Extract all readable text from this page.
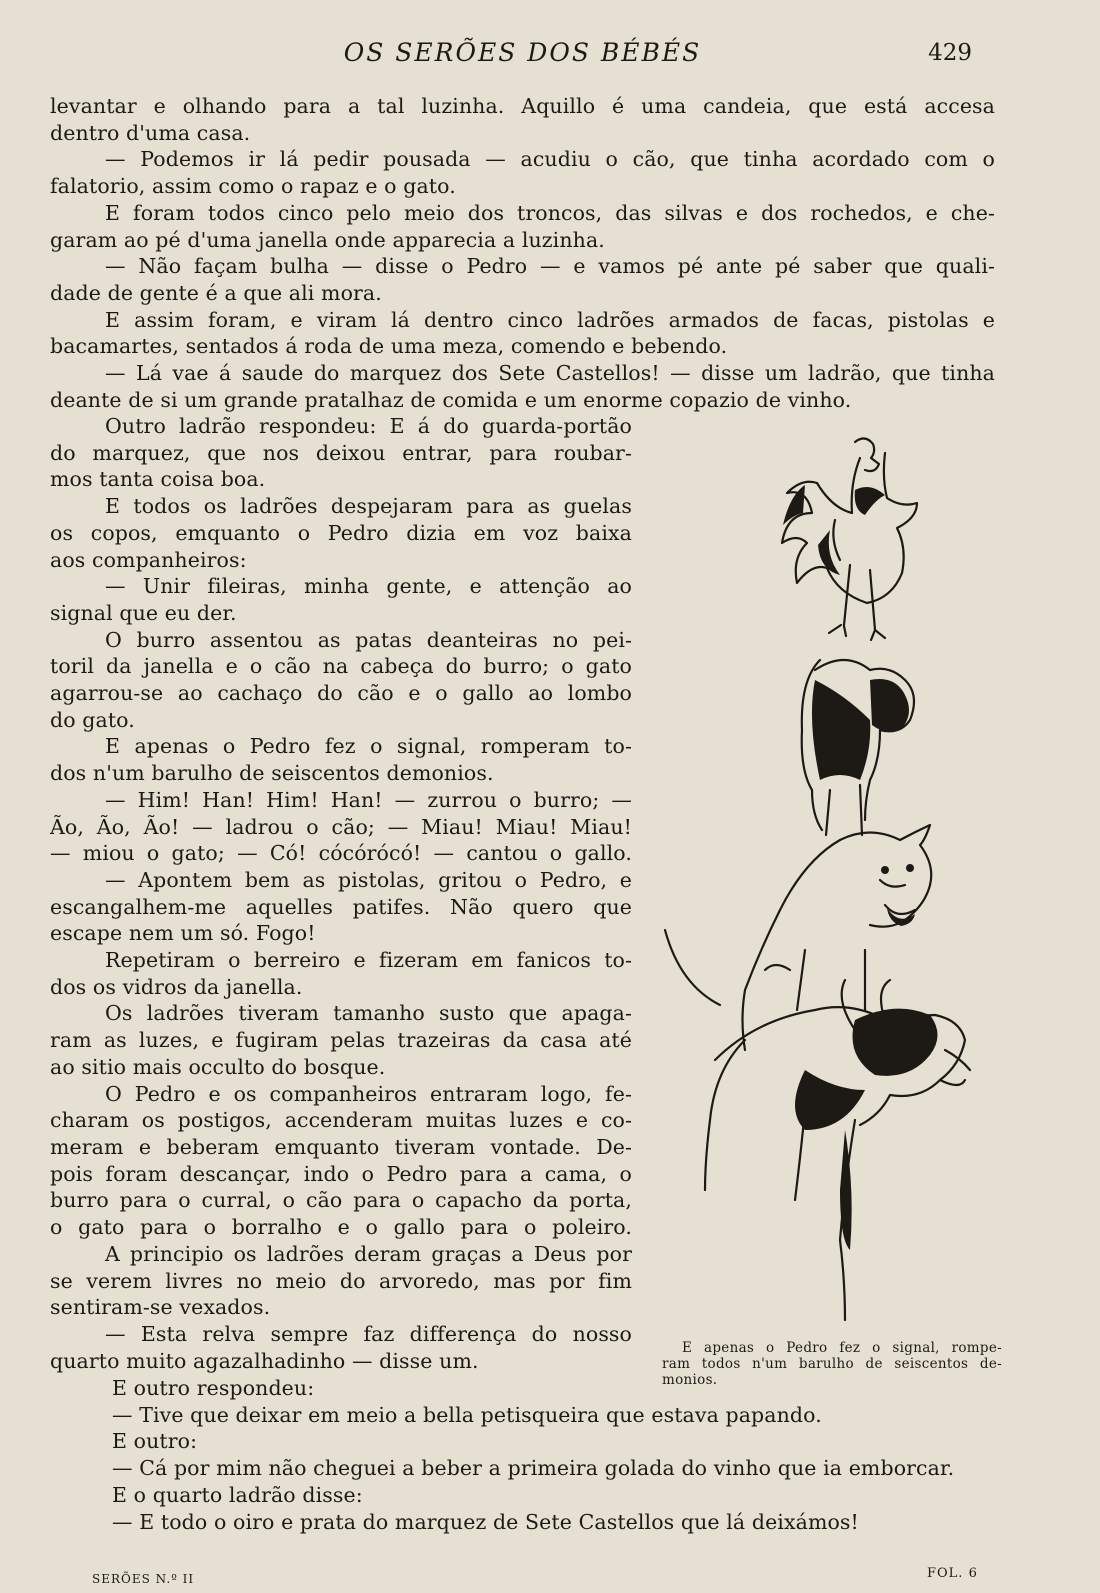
OS SERÕES DOS BÉBÉS	429
levantar e olhando para a tal luzinha. Aquillo é uma candeia, que está accesa
dentro d'uma casa.
— Podemos ir lá pedir pousada — acudiu o cão, que tinha acordado com o
falatorio, assim como o rapaz e o gato.
E foram todos cinco pelo meio dos troncos, das silvas e dos rochedos, e che-
garam ao pé d'uma janella onde apparecia a luzinha.
— Não façam bulha — disse o Pedro — e vamos pé ante pé saber que quali-
dade de gente é a que ali mora.
E assim foram, e viram lá dentro cinco ladrões armados de facas, pistolas e
bacamartes, sentados á roda de uma meza, comendo e bebendo.
— Lá vae á saude do marquez dos Sete Castellos! — disse um ladrão, que tinha
deante de si um grande pratalhaz de comida e um enorme copazio de vinho.
Outro ladrão respondeu: E á do guarda-portão
do marquez, que nos deixou entrar, para roubar-
mos tanta coisa boa.
E todos os ladrões despejaram para as guelas
os copos, emquanto o Pedro dizia em voz baixa
aos companheiros:
— Unir fileiras, minha gente, e attenção ao
signal que eu der.
O burro assentou as patas deanteiras no pei-
toril da janella e o cão na cabeça do burro; o gato
agarrou-se ao cachaço do cão e o gallo ao lombo
do gato.
E apenas o Pedro fez o signal, romperam to-
dos n'um barulho de seiscentos demonios.
— Him! Han! Him! Han! — zurrou o burro; —
Ão, Ão, Ão! — ladrou o cão; — Miau! Miau! Miau!
— miou o gato; — Có! cócórócó! — cantou o gallo.
— Apontem bem as pistolas, gritou o Pedro, e
escangalhem-me aquelles patifes. Não quero que
escape nem um só. Fogo!
Repetiram o berreiro e fizeram em fanicos to-
dos os vidros da janella.
Os ladrões tiveram tamanho susto que apaga-
ram as luzes, e fugiram pelas trazeiras da casa até
ao sitio mais occulto do bosque.
O Pedro e os companheiros entraram logo, fe-
charam os postigos, accenderam muitas luzes e co-
meram e beberam emquanto tiveram vontade. De-
pois foram descançar, indo o Pedro para a cama, o
burro para o curral, o cão para o capacho da porta,
o gato para o borralho e o gallo para o poleiro.
A principio os ladrões deram graças a Deus por
se verem livres no meio do arvoredo, mas por fim
sentiram-se vexados.
— Esta relva sempre faz differença do nosso
quarto muito agazalhadinho — disse um.
E outro respondeu:
— Tive que deixar em meio a bella petisqueira que estava papando.
E outro:
— Cá por mim não cheguei a beber a primeira golada do vinho que ia emborcar.
E o quarto ladrão disse:
— E todo o oiro e prata do marquez de Sete Castellos que lá deixámos!
E apenas o Pedro fez o signal, rompe-
ram todos n'um barulho de seiscentos de-
monios.
SERÕES N.º II	FOL. 6
